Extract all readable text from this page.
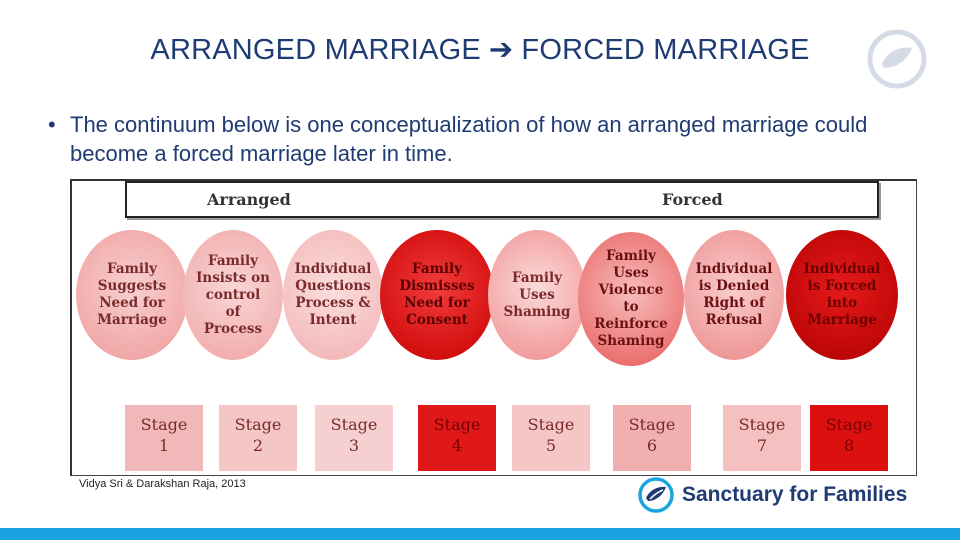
ARRANGED MARRIAGE ➔ FORCED MARRIAGE
• The continuum below is one conceptualization of how an arranged marriage could become a forced marriage later in time.
Arranged	Forced
Family
Suggests
Need for
Marriage
Family
Insists on
control
of
Process
Individual
Questions
Process &
Intent
Family
Dismisses
Need for
Consent
Family
Uses
Shaming
Family
Uses
Violence
to
Reinforce
Shaming
Individual
is Denied
Right of
Refusal
Individual
is Forced
into
Marriage
Stage
1
Stage
2
Stage
3
Stage
4
Stage
5
Stage
6
Stage
7
Stage
8
Vidya Sri & Darakshan Raja, 2013	Sanctuary for Families
